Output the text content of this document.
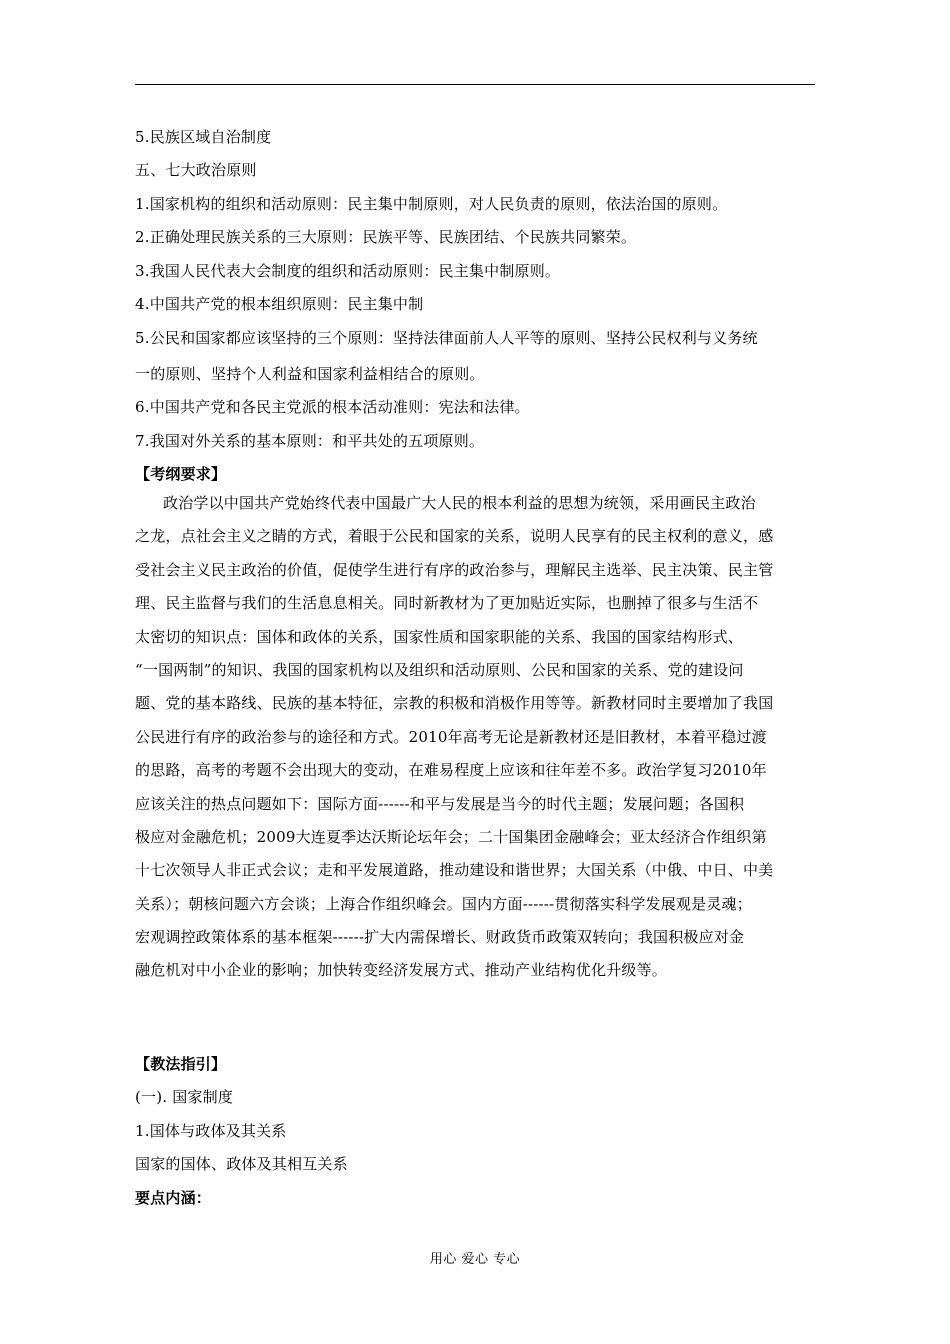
5.民族区域自治制度
五、七大政治原则
1.国家机构的组织和活动原则：民主集中制原则，对人民负责的原则，依法治国的原则。
2.正确处理民族关系的三大原则：民族平等、民族团结、个民族共同繁荣。
3.我国人民代表大会制度的组织和活动原则：民主集中制原则。
4.中国共产党的根本组织原则：民主集中制
5.公民和国家都应该坚持的三个原则：坚持法律面前人人平等的原则、坚持公民权利与义务统
一的原则、坚持个人利益和国家利益相结合的原则。
6.中国共产党和各民主党派的根本活动准则：宪法和法律。
7.我国对外关系的基本原则：和平共处的五项原则。
【考纲要求】
政治学以中国共产党始终代表中国最广大人民的根本利益的思想为统领，采用画民主政治
之龙，点社会主义之睛的方式，着眼于公民和国家的关系，说明人民享有的民主权利的意义，感
受社会主义民主政治的价值，促使学生进行有序的政治参与，理解民主选举、民主决策、民主管
理、民主监督与我们的生活息息相关。同时新教材为了更加贴近实际，也删掉了很多与生活不
太密切的知识点：国体和政体的关系，国家性质和国家职能的关系、我国的国家结构形式、
“一国两制”的知识、我国的国家机构以及组织和活动原则、公民和国家的关系、党的建设问
题、党的基本路线、民族的基本特征，宗教的积极和消极作用等等。新教材同时主要增加了我国
公民进行有序的政治参与的途径和方式。2010年高考无论是新教材还是旧教材，本着平稳过渡
的思路，高考的考题不会出现大的变动，在难易程度上应该和往年差不多。政治学复习2010年
应该关注的热点问题如下：国际方面------和平与发展是当今的时代主题；发展问题；各国积
极应对金融危机；2009大连夏季达沃斯论坛年会；二十国集团金融峰会；亚太经济合作组织第
十七次领导人非正式会议；走和平发展道路，推动建设和谐世界；大国关系（中俄、中日、中美
关系）；朝核问题六方会谈；上海合作组织峰会。国内方面------贯彻落实科学发展观是灵魂；
宏观调控政策体系的基本框架------扩大内需保增长、财政货币政策双转向；我国积极应对金
融危机对中小企业的影响；加快转变经济发展方式、推动产业结构优化升级等。
【教法指引】
(一). 国家制度
1.国体与政体及其关系
国家的国体、政体及其相互关系
要点内涵：
用心 爱心 专心
